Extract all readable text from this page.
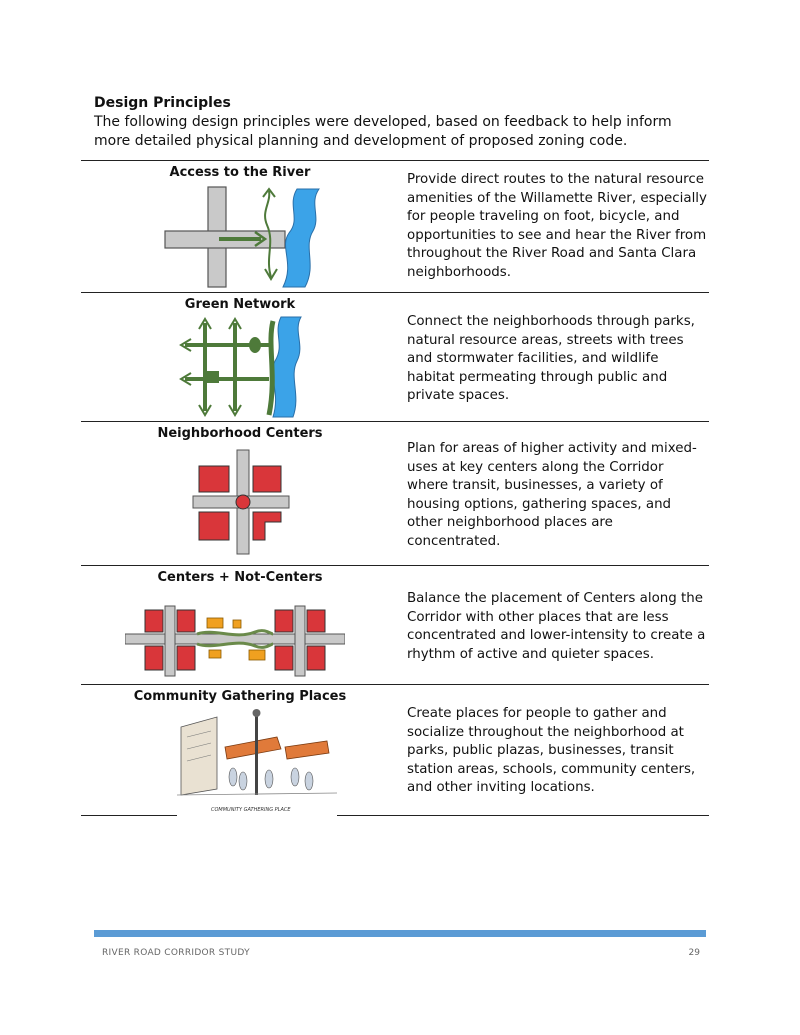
Design Principles

The following design principles were developed, based on feedback to help inform more detailed physical planning and development of proposed zoning code.

Access to the River	Provide direct routes to the natural resource amenities of the Willamette River, especially for people traveling on foot, bicycle, and opportunities to see and hear the River from throughout the River Road and Santa Clara neighborhoods.
Green Network
Connect the neighborhoods through parks, natural resource areas, streets with trees and stormwater facilities, and wildlife habitat permeating through public and private spaces.
Neighborhood Centers
Plan for areas of higher activity and mixed-uses at key centers along the Corridor where transit, businesses, a variety of housing options, gathering spaces, and other neighborhood places are concentrated.
Centers + Not-Centers
Balance the placement of Centers along the Corridor with other places that are less concentrated and lower-intensity to create a rhythm of active and quieter spaces.
Community Gathering Places
COMMUNITY GATHERING PLACE
Create places for people to gather and socialize throughout the neighborhood at parks, public plazas, businesses, transit station areas, schools, community centers, and other inviting locations.
RIVER ROAD CORRIDOR STUDY	29
